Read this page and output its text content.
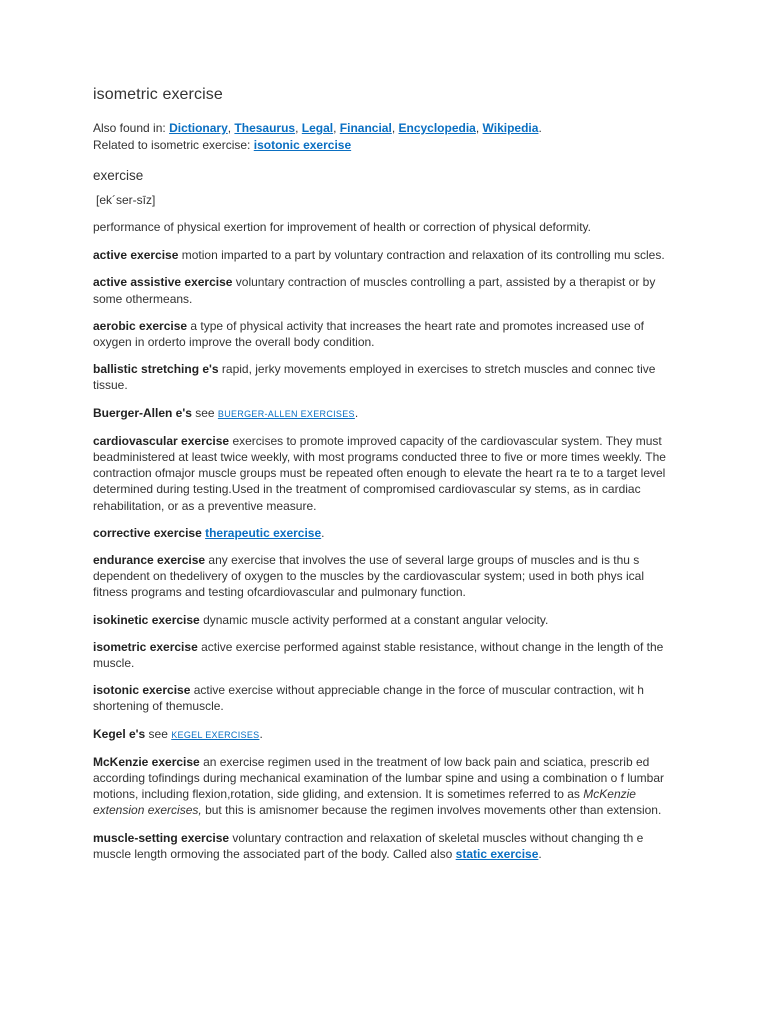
isometric exercise
Also found in: Dictionary, Thesaurus, Legal, Financial, Encyclopedia, Wikipedia.
Related to isometric exercise: isotonic exercise
exercise
[ek´ser-sīz]

performance of physical exertion for improvement of health or correction of physical deformity.

active exercise motion imparted to a part by voluntary contraction and relaxation of its controlling mu scles.

active assistive exercise voluntary contraction of muscles controlling a part, assisted by a therapist or by some othermeans.

aerobic exercise a type of physical activity that increases the heart rate and promotes increased use of oxygen in orderto improve the overall body condition.

ballistic stretching e's rapid, jerky movements employed in exercises to stretch muscles and connec tive tissue.

Buerger-Allen e's see BUERGER-ALLEN EXERCISES.

cardiovascular exercise exercises to promote improved capacity of the cardiovascular system. They must beadministered at least twice weekly, with most programs conducted three to five or more times weekly. The contraction ofmajor muscle groups must be repeated often enough to elevate the heart ra te to a target level determined during testing.Used in the treatment of compromised cardiovascular sy stems, as in cardiac rehabilitation, or as a preventive measure.

corrective exercise therapeutic exercise.

endurance exercise any exercise that involves the use of several large groups of muscles and is thu s dependent on thedelivery of oxygen to the muscles by the cardiovascular system; used in both phys ical fitness programs and testing ofcardiovascular and pulmonary function.

isokinetic exercise dynamic muscle activity performed at a constant angular velocity.

isometric exercise active exercise performed against stable resistance, without change in the length of the muscle.

isotonic exercise active exercise without appreciable change in the force of muscular contraction, wit h shortening of themuscle.

Kegel e's see KEGEL EXERCISES.

McKenzie exercise an exercise regimen used in the treatment of low back pain and sciatica, prescrib ed according tofindings during mechanical examination of the lumbar spine and using a combination o f lumbar motions, including flexion,rotation, side gliding, and extension. It is sometimes referred to as McKenzie extension exercises, but this is amisnomer because the regimen involves movements other than extension.

muscle-setting exercise voluntary contraction and relaxation of skeletal muscles without changing th e muscle length ormoving the associated part of the body. Called also static exercise.
